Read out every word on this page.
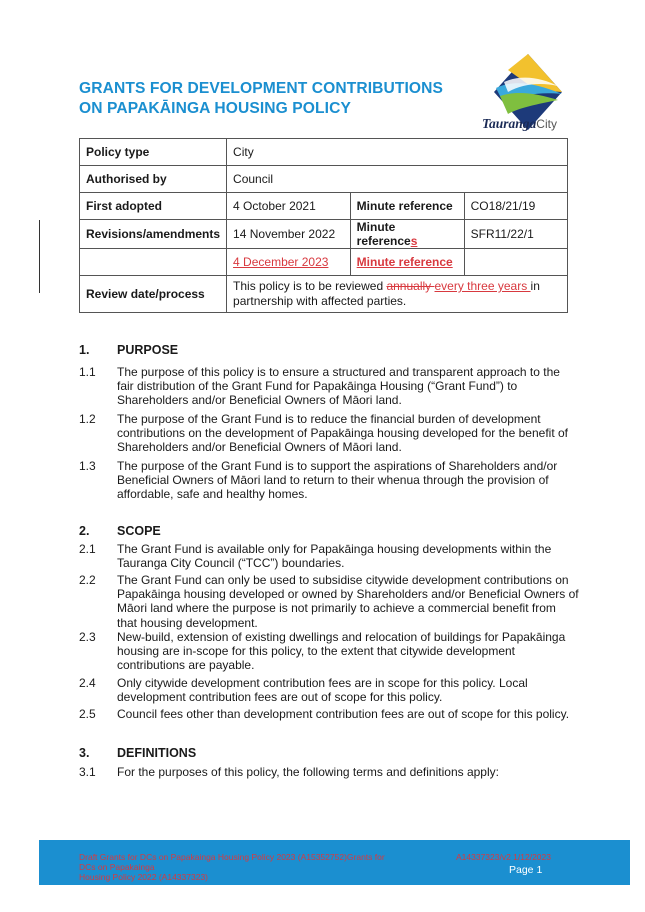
GRANTS FOR DEVELOPMENT CONTRIBUTIONS
ON PAPAKĀINGA HOUSING POLICY
TaurangaCity
Policy type	City		
Authorised by	Council		
First adopted	4 October 2021	Minute reference	CO18/21/19
Revisions/amendments	14 November 2022	Minute references	SFR11/22/1
	4 December 2023	Minute reference	
Review date/process	This policy is to be reviewed annually every three years in
partnership with affected parties.		
1. PURPOSE
1.1 The purpose of this policy is to ensure a structured and transparent approach to the fair distribution of the Grant Fund for Papakāinga Housing (“Grant Fund”) to Shareholders and/or Beneficial Owners of Māori land.
1.2 The purpose of the Grant Fund is to reduce the financial burden of development contributions on the development of Papakāinga housing developed for the benefit of Shareholders and/or Beneficial Owners of Māori land.
1.3 The purpose of the Grant Fund is to support the aspirations of Shareholders and/or Beneficial Owners of Māori land to return to their whenua through the provision of affordable, safe and healthy homes.
2. SCOPE
2.1 The Grant Fund is available only for Papakāinga housing developments within the Tauranga City Council (“TCC”) boundaries.
2.2 The Grant Fund can only be used to subsidise citywide development contributions on Papakāinga housing developed or owned by Shareholders and/or Beneficial Owners of Māori land where the purpose is not primarily to achieve a commercial benefit from that housing development.
2.3 New-build, extension of existing dwellings and relocation of buildings for Papakāinga housing are in-scope for this policy, to the extent that citywide development contributions are payable.
2.4 Only citywide development contribution fees are in scope for this policy. Local development contribution fees are out of scope for this policy.
2.5 Council fees other than development contribution fees are out of scope for this policy.
3. DEFINITIONS
3.1 For the purposes of this policy, the following terms and definitions apply:
Draft Grants for DCs on Papakainga Housing Policy 2023 (A15352752)Grants for DCs on Papakainga
Housing Policy 2022 (A14337323)
A14337323/v2 1/12/2023
Page 1
